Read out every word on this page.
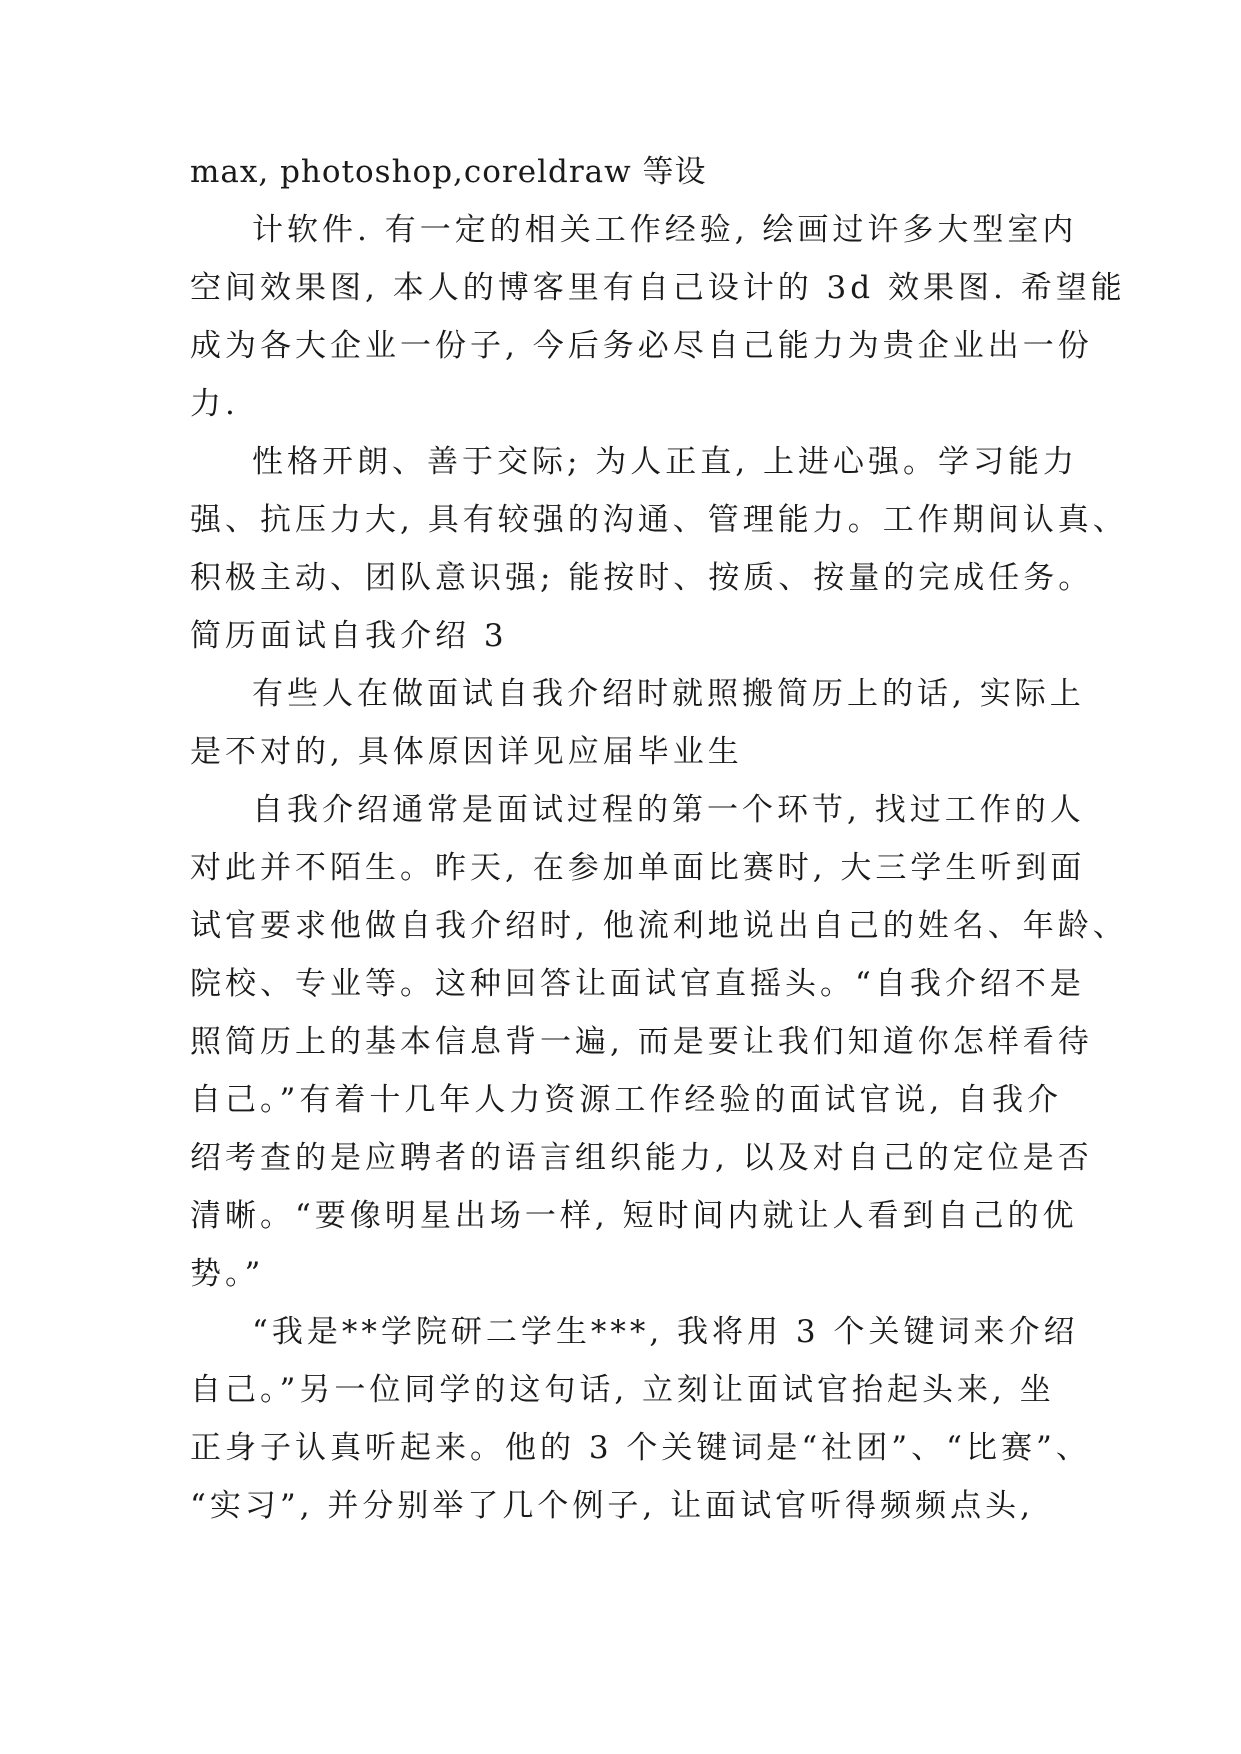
max, photoshop,coreldraw 等设
计软件. 有一定的相关工作经验, 绘画过许多大型室内
空间效果图, 本人的博客里有自己设计的 3d 效果图. 希望能
成为各大企业一份子, 今后务必尽自己能力为贵企业出一份
力.
性格开朗、善于交际; 为人正直, 上进心强。学习能力
强、抗压力大, 具有较强的沟通、管理能力。工作期间认真、
积极主动、团队意识强; 能按时、按质、按量的完成任务。
简历面试自我介绍 3
有些人在做面试自我介绍时就照搬简历上的话, 实际上
是不对的, 具体原因详见应届毕业生
自我介绍通常是面试过程的第一个环节, 找过工作的人
对此并不陌生。昨天, 在参加单面比赛时, 大三学生听到面
试官要求他做自我介绍时, 他流利地说出自己的姓名、年龄、
院校、专业等。这种回答让面试官直摇头。“自我介绍不是
照简历上的基本信息背一遍, 而是要让我们知道你怎样看待
自己。”有着十几年人力资源工作经验的面试官说, 自我介
绍考查的是应聘者的语言组织能力, 以及对自己的定位是否
清晰。“要像明星出场一样, 短时间内就让人看到自己的优
势。”
“我是**学院研二学生***, 我将用 3 个关键词来介绍
自己。”另一位同学的这句话, 立刻让面试官抬起头来, 坐
正身子认真听起来。他的 3 个关键词是“社团”、“比赛”、
“实习”, 并分别举了几个例子, 让面试官听得频频点头,
